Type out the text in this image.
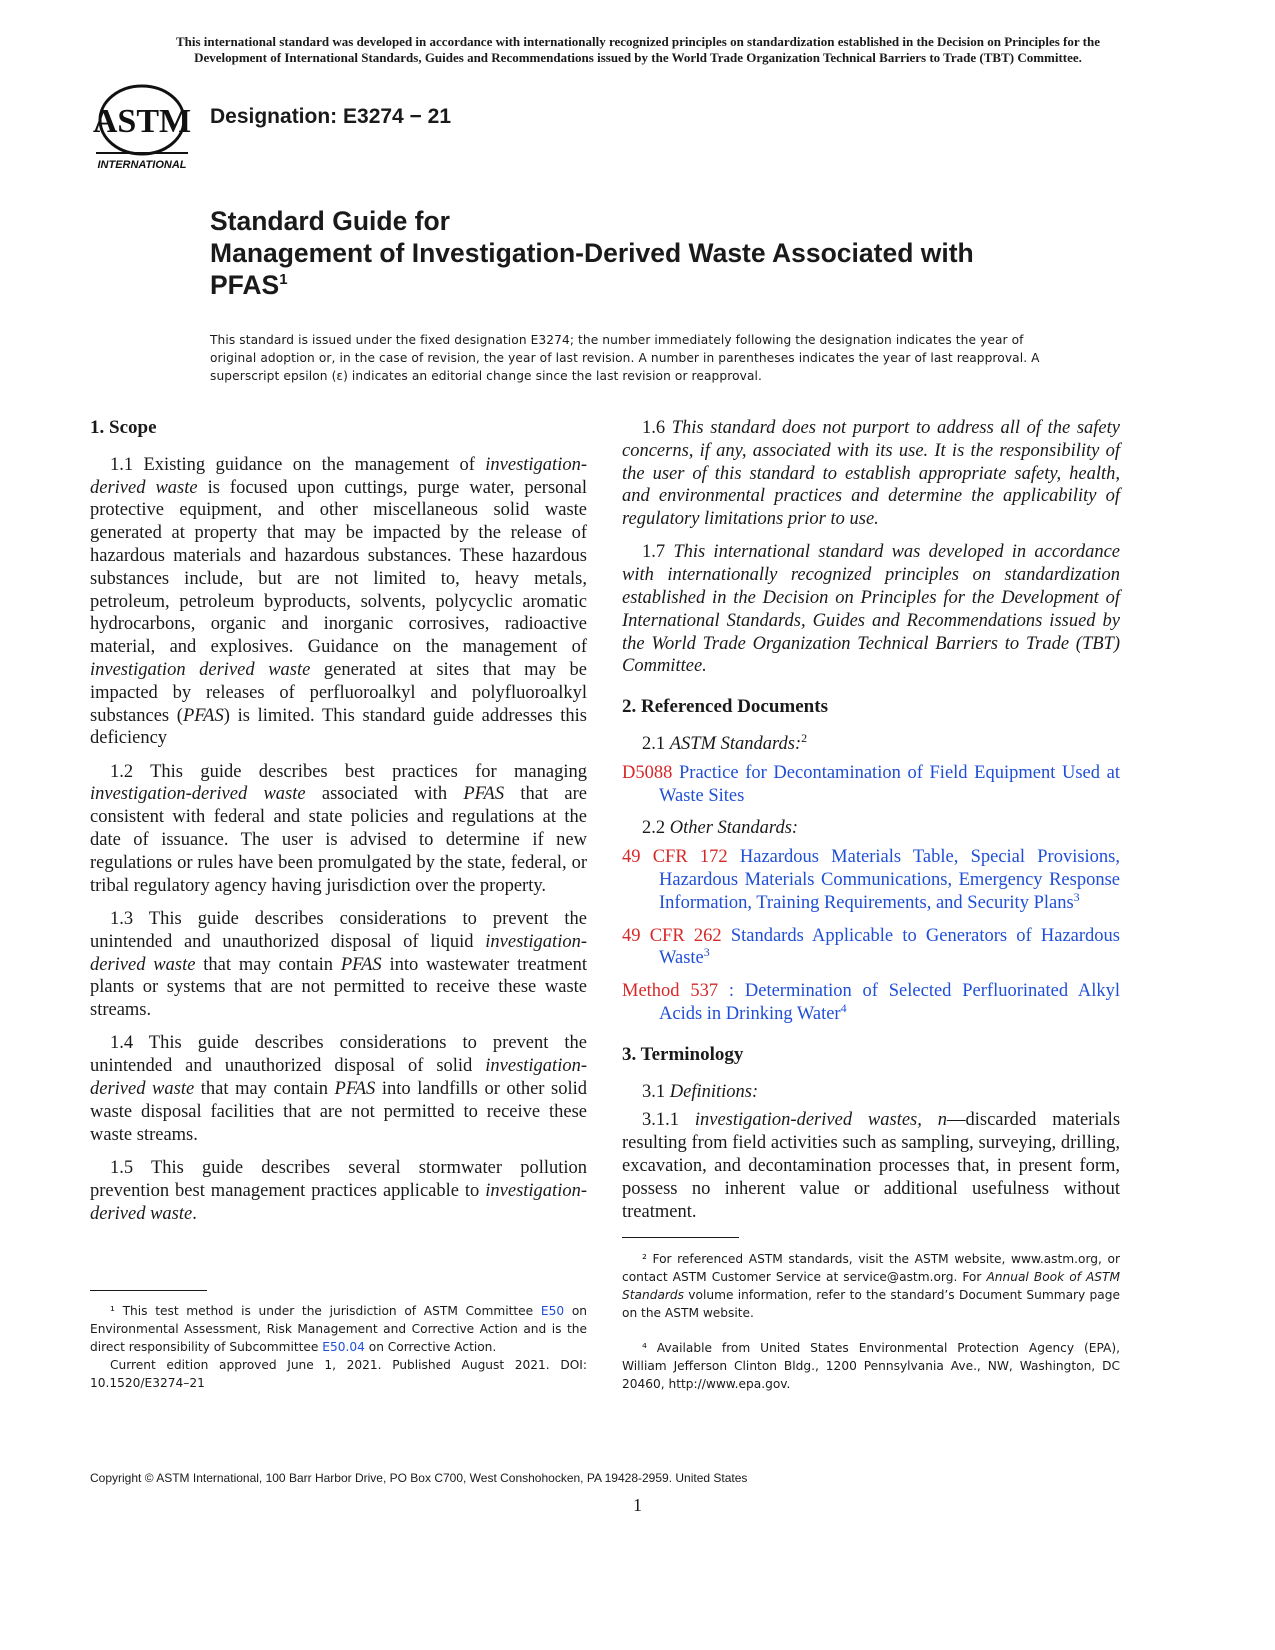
This international standard was developed in accordance with internationally recognized principles on standardization established in the Decision on Principles for the
Development of International Standards, Guides and Recommendations issued by the World Trade Organization Technical Barriers to Trade (TBT) Committee.
ASTM
INTERNATIONAL
Designation: E3274 − 21
Standard Guide for
Management of Investigation-Derived Waste Associated with
PFAS$^1$
This standard is issued under the fixed designation E3274; the number immediately following the designation indicates the year of original adoption or, in the case of revision, the year of last revision. A number in parentheses indicates the year of last reapproval. A superscript epsilon (ε) indicates an editorial change since the last revision or reapproval.
1. Scope

1.1 Existing guidance on the management of investigation-derived waste is focused upon cuttings, purge water, personal protective equipment, and other miscellaneous solid waste generated at property that may be impacted by the release of hazardous materials and hazardous substances. These hazardous substances include, but are not limited to, heavy metals, petroleum, petroleum byproducts, solvents, polycyclic aromatic hydrocarbons, organic and inorganic corrosives, radioactive material, and explosives. Guidance on the management of investigation derived waste generated at sites that may be impacted by releases of perfluoroalkyl and polyfluoroalkyl substances (PFAS) is limited. This standard guide addresses this deficiency

1.2 This guide describes best practices for managing investigation-derived waste associated with PFAS that are consistent with federal and state policies and regulations at the date of issuance. The user is advised to determine if new regulations or rules have been promulgated by the state, federal, or tribal regulatory agency having jurisdiction over the property.

1.3 This guide describes considerations to prevent the unintended and unauthorized disposal of liquid investigation-derived waste that may contain PFAS into wastewater treatment plants or systems that are not permitted to receive these waste streams.

1.4 This guide describes considerations to prevent the unintended and unauthorized disposal of solid investigation-derived waste that may contain PFAS into landfills or other solid waste disposal facilities that are not permitted to receive these waste streams.

1.5 This guide describes several stormwater pollution prevention best management practices applicable to investigation-derived waste.

1.6 This standard does not purport to address all of the safety concerns, if any, associated with its use. It is the responsibility of the user of this standard to establish appropriate safety, health, and environmental practices and determine the applicability of regulatory limitations prior to use.

1.7 This international standard was developed in accordance with internationally recognized principles on standardization established in the Decision on Principles for the Development of International Standards, Guides and Recommendations issued by the World Trade Organization Technical Barriers to Trade (TBT) Committee.

2. Referenced Documents
2.1 ASTM Standards:$^2$
D5088 Practice for Decontamination of Field Equipment Used at Waste Sites
2.2 Other Standards:
49 CFR 172 Hazardous Materials Table, Special Provisions, Hazardous Materials Communications, Emergency Response Information, Training Requirements, and Security Plans$^3$
49 CFR 262 Standards Applicable to Generators of Hazardous Waste$^3$
Method 537 : Determination of Selected Perfluorinated Alkyl Acids in Drinking Water$^4$
3. Terminology
3.1 Definitions:

3.1.1 investigation-derived wastes, n—discarded materials resulting from field activities such as sampling, surveying, drilling, excavation, and decontamination processes that, in present form, possess no inherent value or additional usefulness without treatment.

¹ This test method is under the jurisdiction of ASTM Committee E50 on Environmental Assessment, Risk Management and Corrective Action and is the direct responsibility of Subcommittee E50.04 on Corrective Action.

Current edition approved June 1, 2021. Published August 2021. DOI: 10.1520/E3274–21

² For referenced ASTM standards, visit the ASTM website, www.astm.org, or contact ASTM Customer Service at service@astm.org. For Annual Book of ASTM Standards volume information, refer to the standard’s Document Summary page on the ASTM website.

⁴ Available from United States Environmental Protection Agency (EPA), William Jefferson Clinton Bldg., 1200 Pennsylvania Ave., NW, Washington, DC 20460, http://www.epa.gov.

Copyright © ASTM International, 100 Barr Harbor Drive, PO Box C700, West Conshohocken, PA 19428-2959. United States
1
